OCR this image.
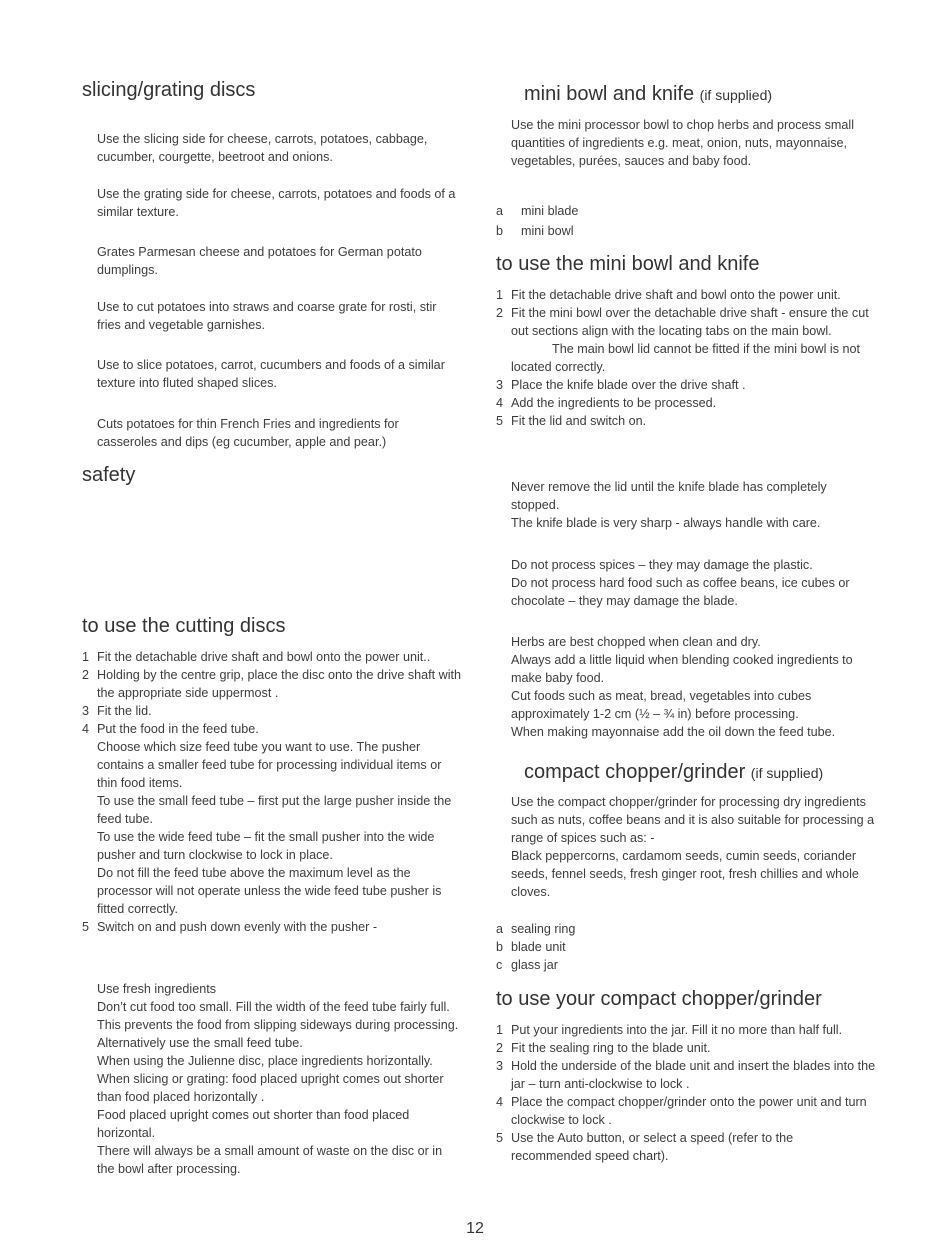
slicing/grating discs

Use the slicing side for cheese, carrots, potatoes, cabbage, cucumber, courgette, beetroot and onions.

Use the grating side for cheese, carrots, potatoes and foods of a similar texture.

Grates Parmesan cheese and potatoes for German potato dumplings.

Use to cut potatoes into straws and coarse grate for rosti, stir fries and vegetable garnishes.

Use to slice potatoes, carrot, cucumbers and foods of a similar texture into fluted shaped slices.

Cuts potatoes for thin French Fries and ingredients for casseroles and dips (eg cucumber, apple and pear.)

safety
to use the cutting discs
1 Fit the detachable drive shaft and bowl onto the power unit..
2 Holding by the centre grip, place the disc onto the drive shaft with the appropriate side uppermost .
3 Fit the lid.
4 Put the food in the feed tube.
Choose which size feed tube you want to use. The pusher contains a smaller feed tube for processing individual items or thin food items.
To use the small feed tube – first put the large pusher inside the feed tube.
To use the wide feed tube – fit the small pusher into the wide pusher and turn clockwise to lock in place.
Do not fill the feed tube above the maximum level as the processor will not operate unless the wide feed tube pusher is fitted correctly.
5 Switch on and push down evenly with the pusher -

Use fresh ingredients

Don’t cut food too small. Fill the width of the feed tube fairly full. This prevents the food from slipping sideways during processing. Alternatively use the small feed tube.

When using the Julienne disc, place ingredients horizontally.

When slicing or grating: food placed upright comes out shorter than food placed horizontally .

Food placed upright comes out shorter than food placed horizontal.

There will always be a small amount of waste on the disc or in the bowl after processing.

mini bowl and knife (if supplied)

Use the mini processor bowl to chop herbs and process small quantities of ingredients e.g. meat, onion, nuts, mayonnaise, vegetables, purées, sauces and baby food.

a mini blade
b mini bowl
to use the mini bowl and knife
1 Fit the detachable drive shaft and bowl onto the power unit.
2 Fit the mini bowl over the detachable drive shaft - ensure the cut out sections align with the locating tabs on the main bowl.
The main bowl lid cannot be fitted if the mini bowl is not located correctly.
3 Place the knife blade over the drive shaft .
4 Add the ingredients to be processed.
5 Fit the lid and switch on.

Never remove the lid until the knife blade has completely stopped.

The knife blade is very sharp - always handle with care.

Do not process spices – they may damage the plastic.

Do not process hard food such as coffee beans, ice cubes or chocolate – they may damage the blade.

Herbs are best chopped when clean and dry.

Always add a little liquid when blending cooked ingredients to make baby food.

Cut foods such as meat, bread, vegetables into cubes approximately 1-2 cm (½ – ¾ in) before processing.

When making mayonnaise add the oil down the feed tube.

compact chopper/grinder (if supplied)

Use the compact chopper/grinder for processing dry ingredients such as nuts, coffee beans and it is also suitable for processing a range of spices such as: -

Black peppercorns, cardamom seeds, cumin seeds, coriander seeds, fennel seeds, fresh ginger root, fresh chillies and whole cloves.

a sealing ring
b blade unit
c glass jar
to use your compact chopper/grinder
1 Put your ingredients into the jar. Fill it no more than half full.
2 Fit the sealing ring to the blade unit.
3 Hold the underside of the blade unit and insert the blades into the jar – turn anti-clockwise to lock .
4 Place the compact chopper/grinder onto the power unit and turn clockwise to lock .
5 Use the Auto button, or select a speed (refer to the recommended speed chart).
12
